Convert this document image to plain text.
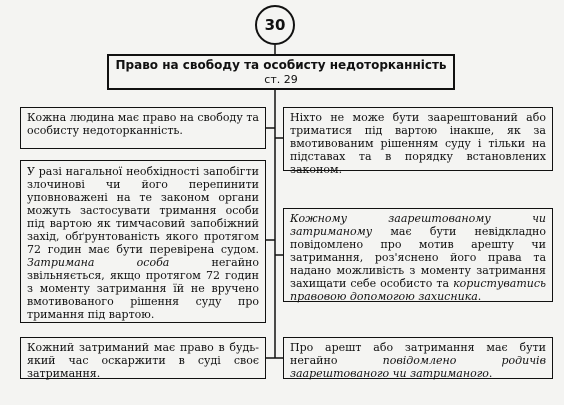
30
Право на свободу та особисту недоторканність
ст. 29
Кожна людина має право на свободу та особисту недоторканність.
У разі нагальної необхідності запобігти злочинові чи його перепинити уповноважені на те законом органи можуть застосувати тримання особи під вартою як тимчасовий запобіжний захід, обґрунтованість якого протягом 72 годин має бути перевірена судом. Затримана особа негайно звільняється, якщо протягом 72 годин з моменту затримання їй не вручено вмотивованого рішення суду про тримання під вартою.
Кожний затриманий має право в будь-який час оскаржити в суді своє затримання.
Ніхто не може бути заарештований або триматися під вартою інакше, як за вмотивованим рішенням суду і тільки на підставах та в порядку встановлених законом.
Кожному заарештованому чи затриманому має бути невідкладно повідомлено про мотив арешту чи затримання, роз'яснено його права та надано можливість з моменту затримання захищати себе особисто та користуватись правовою допомогою захисника.
Про арешт або затримання має бути негайно повідомлено родичів заарештованого чи затриманого.
